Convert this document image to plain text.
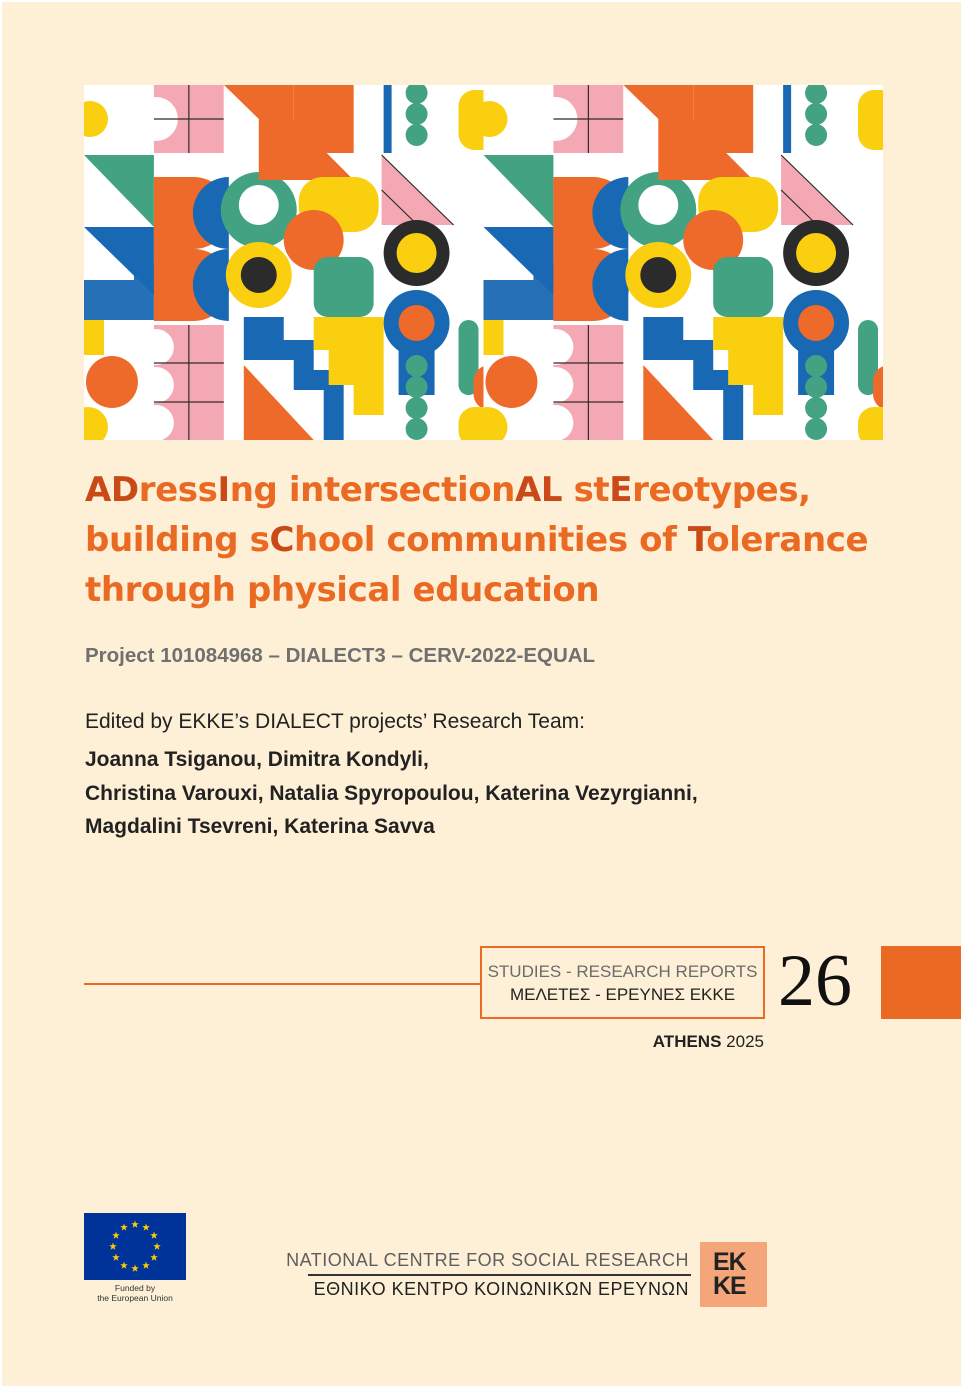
ADressIng intersectionAL stEreotypes,
building sChool communities of Tolerance
through physical education
Project 101084968 – DIALECT3 – CERV-2022-EQUAL
Edited by EKKE’s DIALECT projects’ Research Team:
Joanna Tsiganou, Dimitra Kondyli,
Christina Varouxi, Natalia Spyropoulou, Katerina Vezyrgianni,
Magdalini Tsevreni, Katerina Savva
STUDIES - RESEARCH REPORTS
ΜΕΛΕΤΕΣ - ΕΡΕΥΝΕΣ ΕΚΚΕ 26
ATHENS 2025
Funded by
the European Union
NATIONAL CENTRE FOR SOCIAL RESEARCH
ΕΘΝΙΚΟ ΚΕΝΤΡΟ ΚΟΙΝΩΝΙΚΩΝ ΕΡΕΥΝΩΝ
EK
KE
